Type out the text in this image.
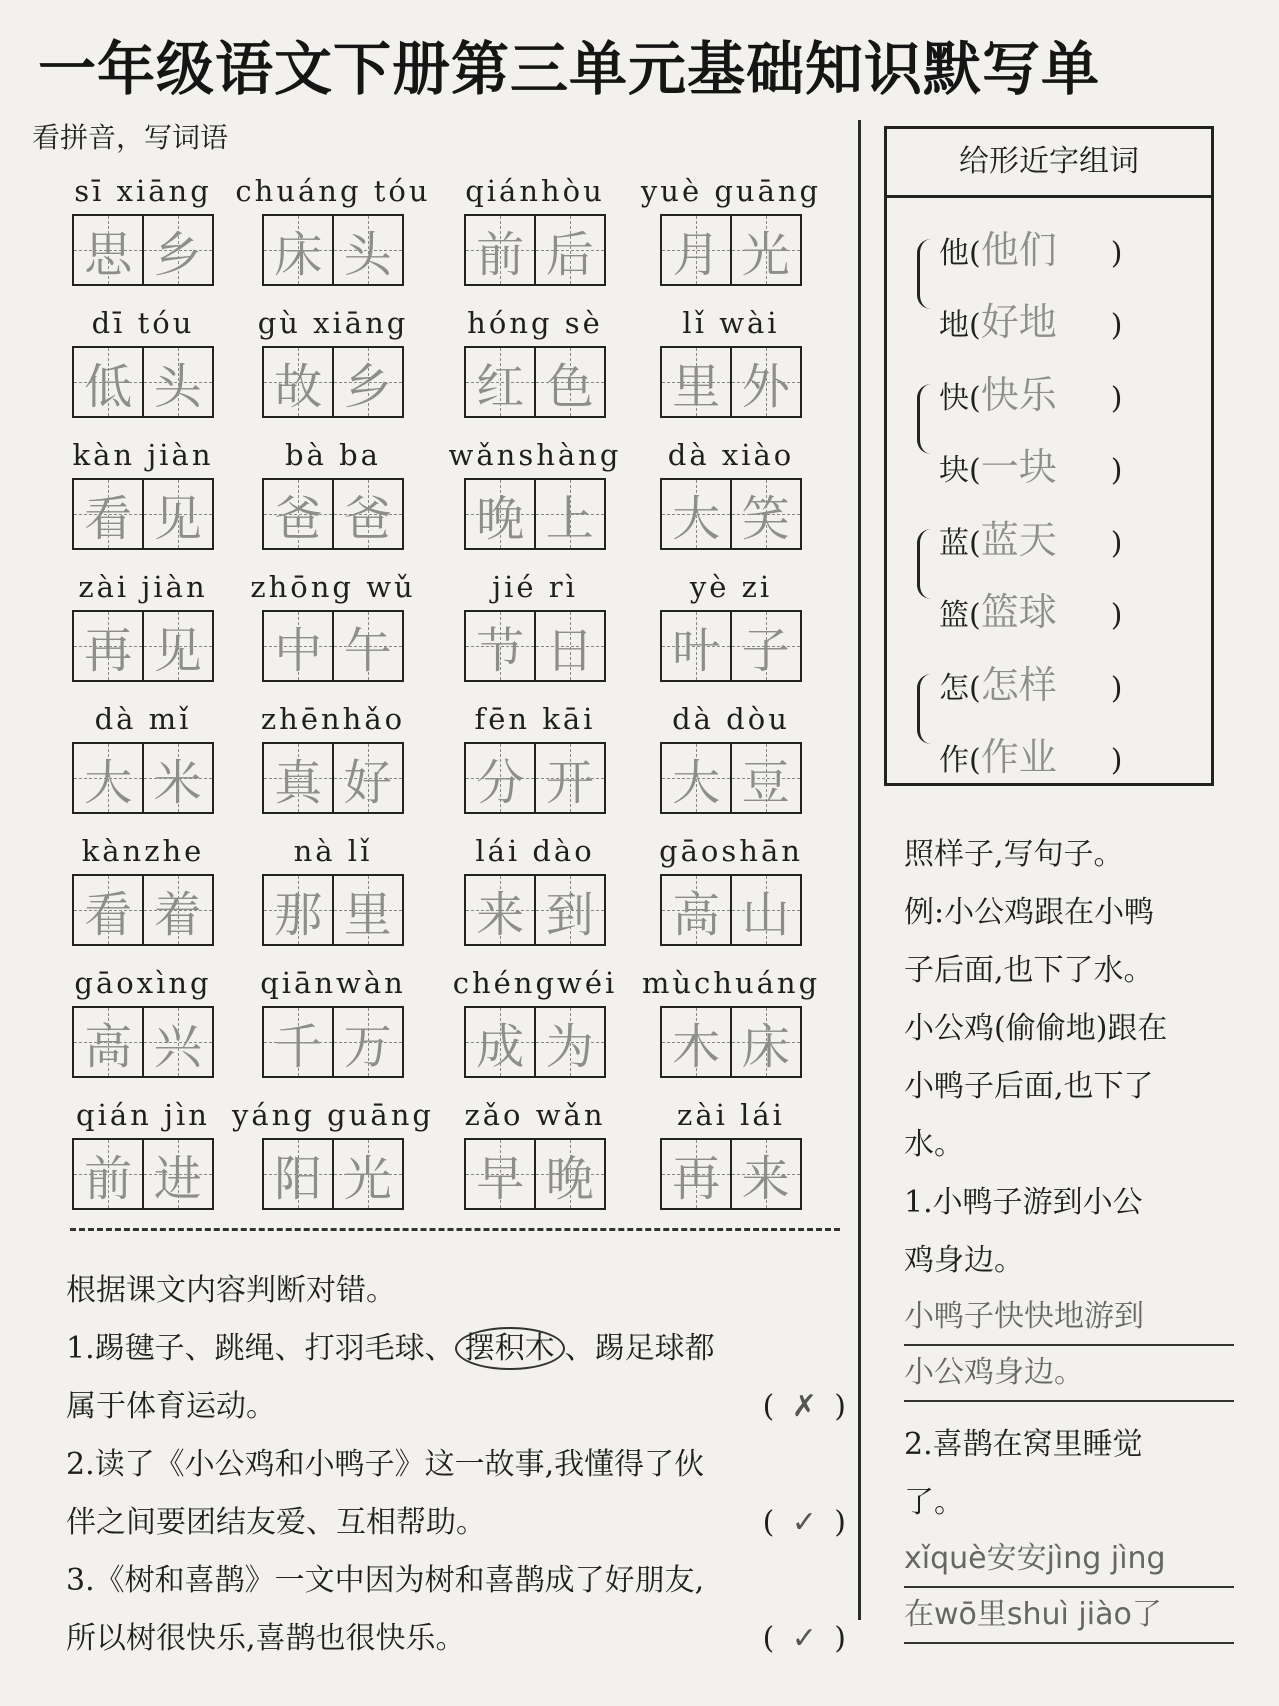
一年级语文下册第三单元基础知识默写单
看拼音，写词语
sī xiāng
思 乡
chuáng tóu
床 头
qiánhòu
前 后
yuè guāng
月 光
dī tóu
低 头
gù xiāng
故 乡
hóng sè
红 色
lǐ wài
里 外
kàn jiàn
看 见
bà ba
爸 爸
wǎnshàng
晚 上
dà xiào
大 笑
zài jiàn
再 见
zhōng wǔ
中 午
jié rì
节 日
yè zi
叶 子
dà mǐ
大 米
zhēnhǎo
真 好
fēn kāi
分 开
dà dòu
大 豆
kànzhe
看 着
nà lǐ
那 里
lái dào
来 到
gāoshān
高 山
gāoxìng
高 兴
qiānwàn
千 万
chéngwéi
成 为
mùchuáng
木 床
qián jìn
前 进
yáng guāng
阳 光
zǎo wǎn
早 晚
zài lái
再 来
根据课文内容判断对错。
1.踢毽子、跳绳、打羽毛球、 摆积木 、踢足球都
属于体育运动。	( ✗ )
2.读了《小公鸡和小鸭子》这一故事,我懂得了伙
伴之间要团结友爱、互相帮助。	( ✓ )
3.《树和喜鹊》一文中因为树和喜鹊成了好朋友,
所以树很快乐,喜鹊也很快乐。	( ✓ )
给形近字组词
他(他们 )
地(好地 )
快(快乐 )
块(一块 )
蓝(蓝天 )
篮(篮球 )
怎(怎样 )
作(作业 )
照样子,写句子。
例:小公鸡跟在小鸭
子后面,也下了水。
小公鸡(偷偷地)跟在
小鸭子后面,也下了
水。
1.小鸭子游到小公
鸡身边。
小鸭子快快地游到
小公鸡身边。
2.喜鹊在窝里睡觉
了。
xǐquè安安jìng jìng
在wō里shuì jiào了
